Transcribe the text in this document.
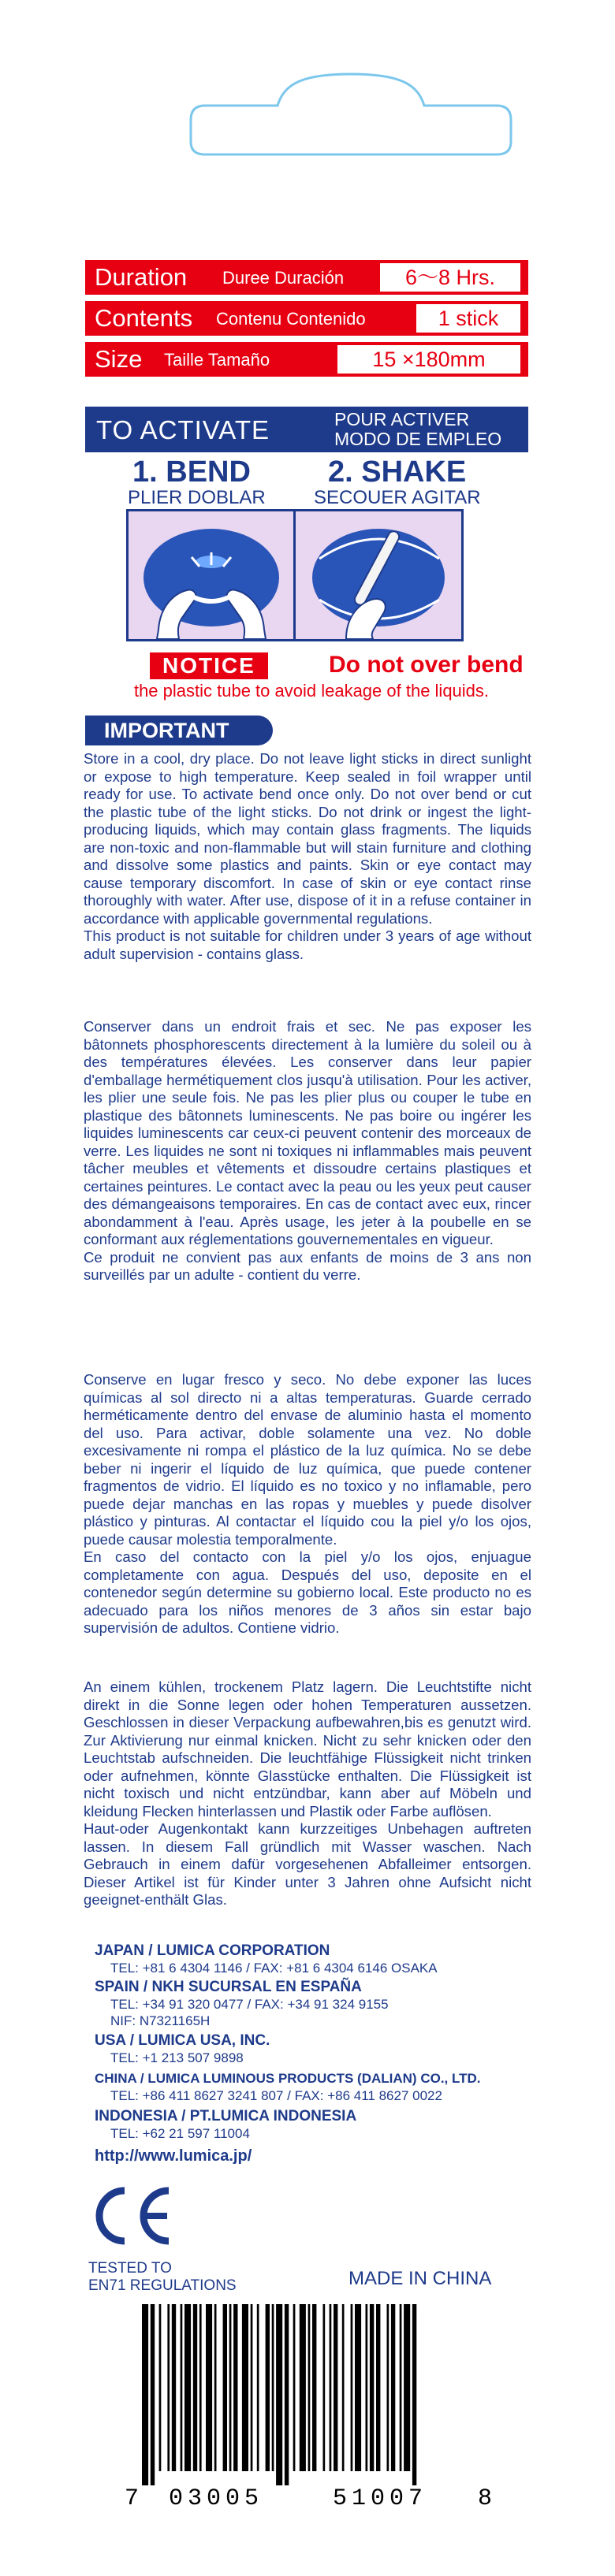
Duration Duree Duración	6～8 Hrs.
Contents Contenu Contenido	1 stick
Size Taille Tamaño	15 ×180mm
TO ACTIVATE	POUR ACTIVER
MODO DE EMPLEO
1. BEND
PLIER DOBLAR
2. SHAKE
SECOUER AGITAR
NOTICE	Do not over bend
the plastic tube to avoid leakage of the liquids.
IMPORTANT

Store in a cool, dry place. Do not leave light sticks in direct sunlight or expose to high temperature. Keep sealed in foil wrapper until ready for use. To activate bend once only. Do not over bend or cut the plastic tube of the light sticks. Do not drink or ingest the light-producing liquids, which may contain glass fragments. The liquids are non-toxic and non-flammable but will stain furniture and clothing and dissolve some plastics and paints. Skin or eye contact may cause temporary discomfort. In case of skin or eye contact rinse thoroughly with water. After use, dispose of it in a refuse container in accordance with applicable governmental regulations.

This product is not suitable for children under 3 years of age without adult supervision - contains glass.

Conserver dans un endroit frais et sec. Ne pas exposer les bâtonnets phosphorescents directement à la lumière du soleil ou à des températures élevées. Les conserver dans leur papier d'emballage hermétiquement clos jusqu'à utilisation. Pour les activer, les plier une seule fois. Ne pas les plier plus ou couper le tube en plastique des bâtonnets luminescents. Ne pas boire ou ingérer les liquides luminescents car ceux-ci peuvent contenir des morceaux de verre. Les liquides ne sont ni toxiques ni inflammables mais peuvent tâcher meubles et vêtements et dissoudre certains plastiques et certaines peintures. Le contact avec la peau ou les yeux peut causer des démangeaisons temporaires. En cas de contact avec eux, rincer abondamment à l'eau. Après usage, les jeter à la poubelle en se conformant aux réglementations gouvernementales en vigueur.

Ce produit ne convient pas aux enfants de moins de 3 ans non surveillés par un adulte - contient du verre.

Conserve en lugar fresco y seco. No debe exponer las luces químicas al sol directo ni a altas temperaturas. Guarde cerrado herméticamente dentro del envase de aluminio hasta el momento del uso. Para activar, doble solamente una vez. No doble excesivamente ni rompa el plástico de la luz química. No se debe beber ni ingerir el líquido de luz química, que puede contener fragmentos de vidrio. El líquido es no toxico y no inflamable, pero puede dejar manchas en las ropas y muebles y puede disolver plástico y pinturas. Al contactar el líquido cou la piel y/o los ojos, puede causar molestia temporalmente.

En caso del contacto con la piel y/o los ojos, enjuague completamente con agua. Después del uso, deposite en el contenedor según determine su gobierno local. Este producto no es adecuado para los niños menores de 3 años sin estar bajo supervisión de adultos. Contiene vidrio.

An einem kühlen, trockenem Platz lagern. Die Leuchtstifte nicht direkt in die Sonne legen oder hohen Temperaturen aussetzen. Geschlossen in dieser Verpackung aufbewahren,bis es genutzt wird. Zur Aktivierung nur einmal knicken. Nicht zu sehr knicken oder den Leuchtstab aufschneiden. Die leuchtfähige Flüssigkeit nicht trinken oder aufnehmen, könnte Glasstücke enthalten. Die Flüssigkeit ist nicht toxisch und nicht entzündbar, kann aber auf Möbeln und kleidung Flecken hinterlassen und Plastik oder Farbe auflösen.

Haut-oder Augenkontakt kann kurzzeitiges Unbehagen auftreten lassen. In diesem Fall gründlich mit Wasser waschen. Nach Gebrauch in einem dafür vorgesehenen Abfalleimer entsorgen. Dieser Artikel ist für Kinder unter 3 Jahren ohne Aufsicht nicht geeignet-enthält Glas.

JAPAN / LUMICA CORPORATION
TEL: +81 6 4304 1146 / FAX: +81 6 4304 6146 OSAKA
SPAIN / NKH SUCURSAL EN ESPAÑA
TEL: +34 91 320 0477 / FAX: +34 91 324 9155
NIF: N7321165H
USA / LUMICA USA, INC.
TEL: +1 213 507 9898
CHINA / LUMICA LUMINOUS PRODUCTS (DALIAN) CO., LTD.
TEL: +86 411 8627 3241 807 / FAX: +86 411 8627 0022
INDONESIA / PT.LUMICA INDONESIA
TEL: +62 21 597 11004
http://www.lumica.jp/
TESTED TO
EN71 REGULATIONS	MADE IN CHINA
7 03005	51007 8
